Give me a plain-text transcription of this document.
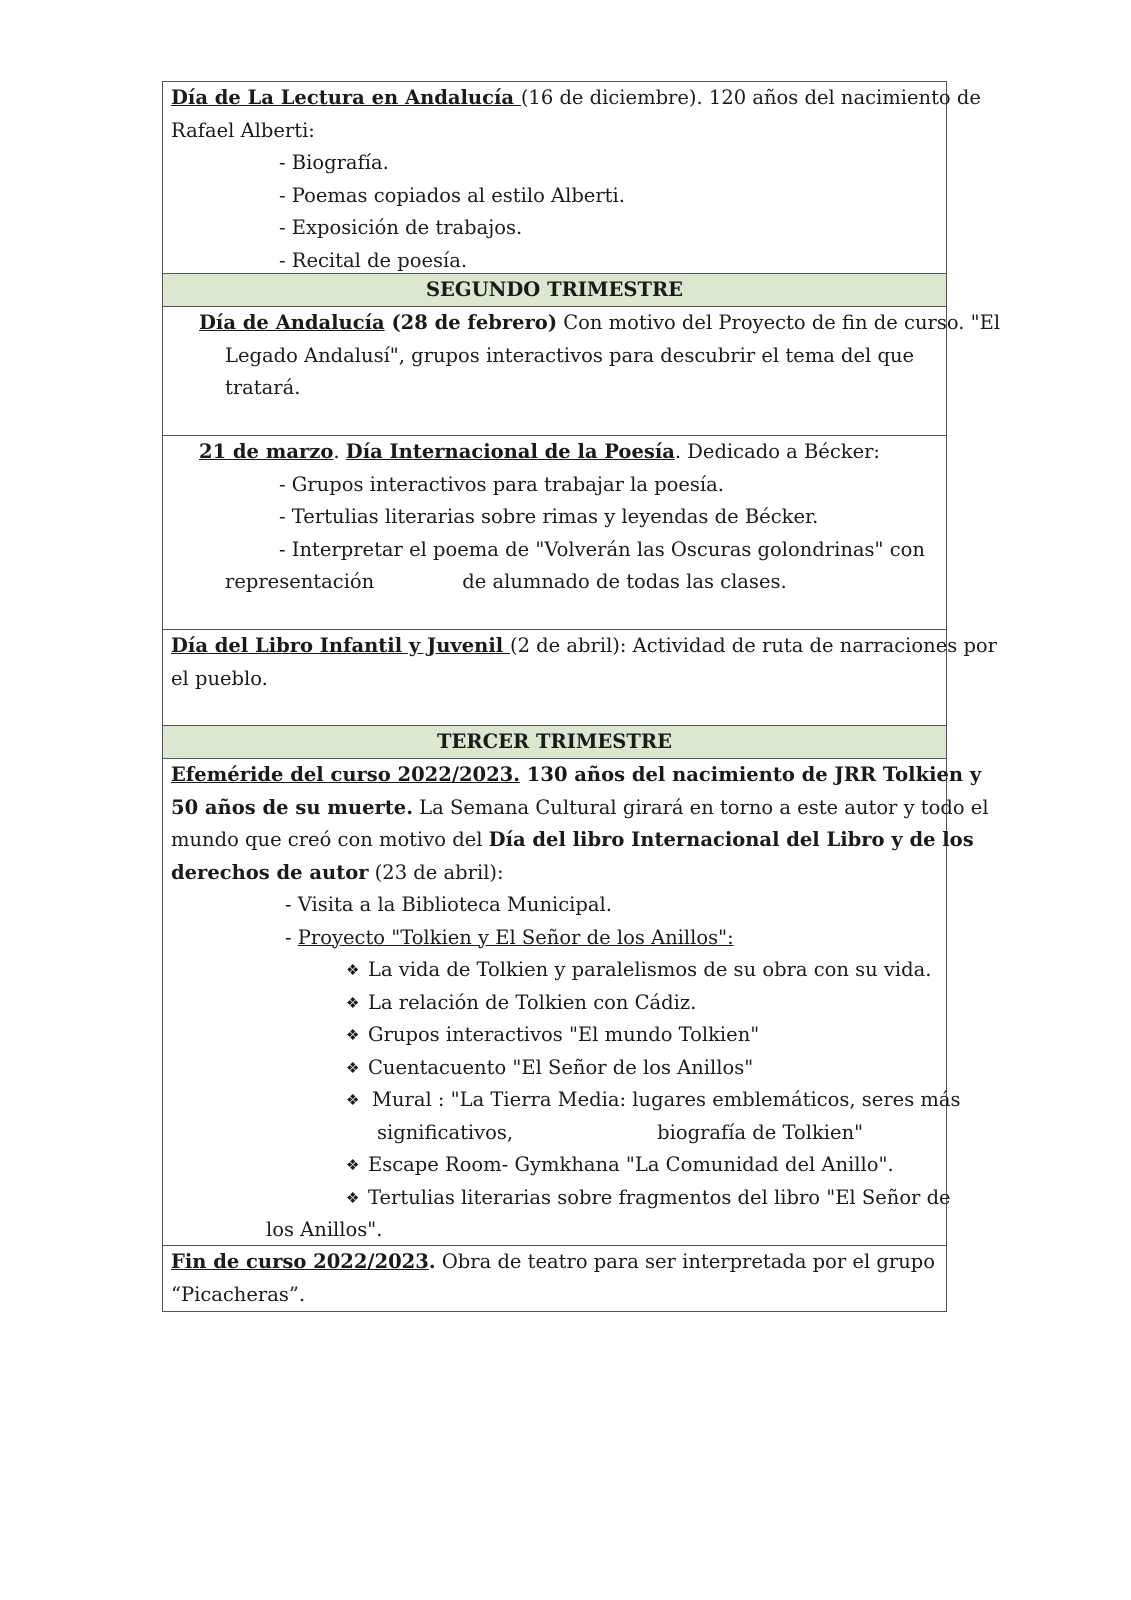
Día de La Lectura en Andalucía (16 de diciembre). 120 años del nacimiento de
Rafael Alberti:
- Biografía.
- Poemas copiados al estilo Alberti.
- Exposición de trabajos.
- Recital de poesía.
SEGUNDO TRIMESTRE
Día de Andalucía (28 de febrero) Con motivo del Proyecto de fin de curso. "El
Legado Andalusí", grupos interactivos para descubrir el tema del que
tratará.
21 de marzo. Día Internacional de la Poesía. Dedicado a Bécker:
- Grupos interactivos para trabajar la poesía.
- Tertulias literarias sobre rimas y leyendas de Bécker.
- Interpretar el poema de "Volverán las Oscuras golondrinas" con
representación	de alumnado de todas las clases.
Día del Libro Infantil y Juvenil (2 de abril): Actividad de ruta de narraciones por
el pueblo.
TERCER TRIMESTRE
Efeméride del curso 2022/2023. 130 años del nacimiento de JRR Tolkien y
50 años de su muerte. La Semana Cultural girará en torno a este autor y todo el
mundo que creó con motivo del Día del libro Internacional del Libro y de los
derechos de autor (23 de abril):
- Visita a la Biblioteca Municipal.
- Proyecto "Tolkien y El Señor de los Anillos":
❖ La vida de Tolkien y paralelismos de su obra con su vida.
❖ La relación de Tolkien con Cádiz.
❖ Grupos interactivos "El mundo Tolkien"
❖ Cuentacuento "El Señor de los Anillos"
❖ Mural : "La Tierra Media: lugares emblemáticos, seres más
significativos,	biografía de Tolkien"
❖ Escape Room- Gymkhana "La Comunidad del Anillo".
❖ Tertulias literarias sobre fragmentos del libro "El Señor de
los Anillos".
Fin de curso 2022/2023. Obra de teatro para ser interpretada por el grupo
“Picacheras”.
